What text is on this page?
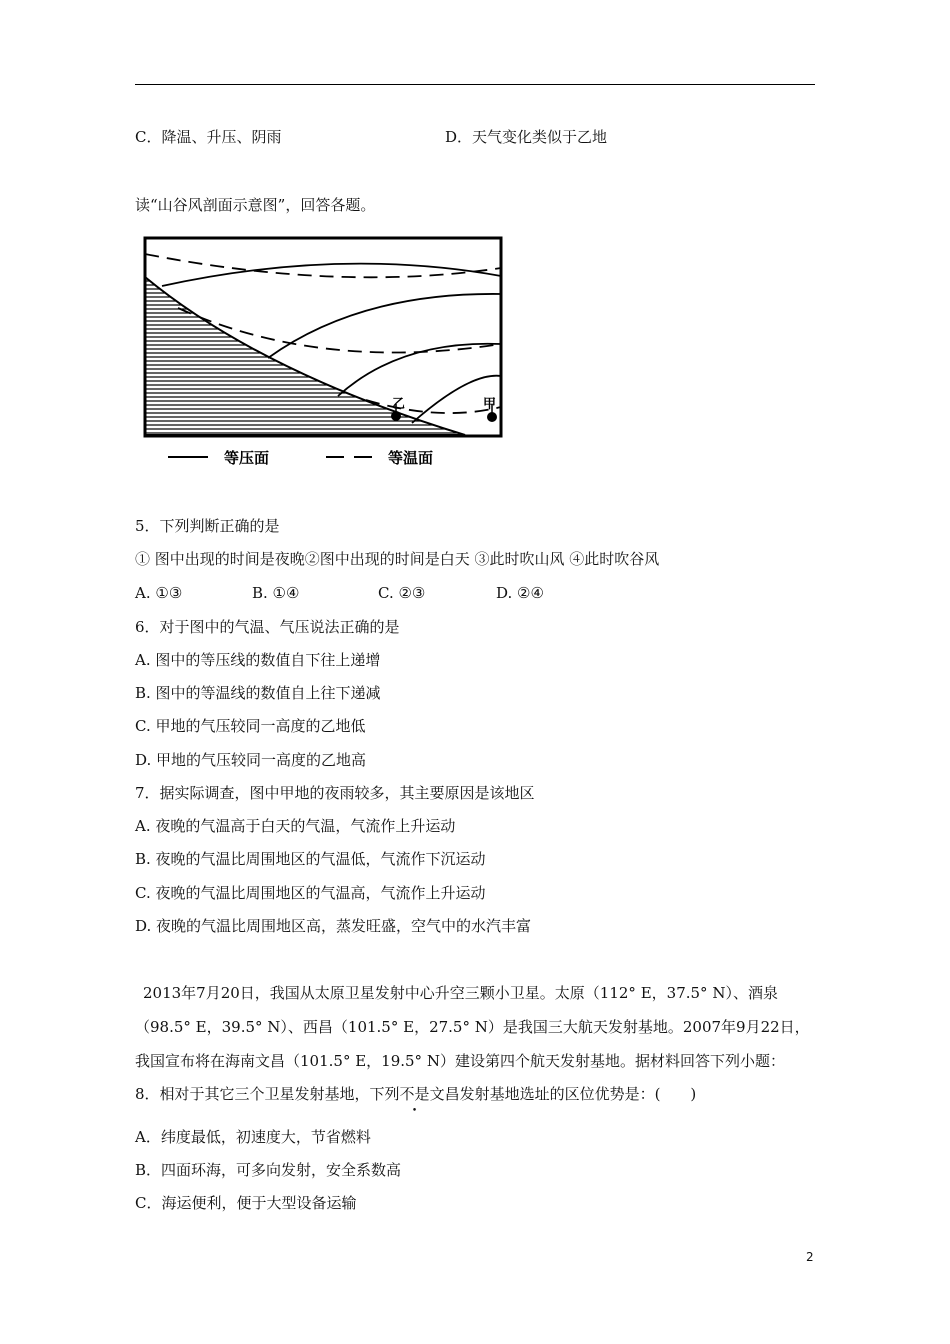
C．降温、升压、阴雨	D．天气变化类似于乙地
读“山谷风剖面示意图”，回答各题。
乙	甲
等压面	等温面
5．下列判断正确的是
① 图中出现的时间是夜晚②图中出现的时间是白天 ③此时吹山风 ④此时吹谷风
A. ①③	B. ①④	C. ②③	D. ②④
6．对于图中的气温、气压说法正确的是
A. 图中的等压线的数值自下往上递增
B. 图中的等温线的数值自上往下递减
C. 甲地的气压较同一高度的乙地低
D. 甲地的气压较同一高度的乙地高
7．据实际调查，图中甲地的夜雨较多，其主要原因是该地区
A. 夜晚的气温高于白天的气温，气流作上升运动
B. 夜晚的气温比周围地区的气温低，气流作下沉运动
C. 夜晚的气温比周围地区的气温高，气流作上升运动
D. 夜晚的气温比周围地区高，蒸发旺盛，空气中的水汽丰富
2013年7月20日，我国从太原卫星发射中心升空三颗小卫星。太原（112° E，37.5° N）、酒泉
（98.5° E，39.5° N）、西昌（101.5° E，27.5° N）是我国三大航天发射基地。2007年9月22日，
我国宣布将在海南文昌（101.5° E，19.5° N）建设第四个航天发射基地。据材料回答下列小题：
8．相对于其它三个卫星发射基地，下列不是文昌发射基地选址的区位优势是：(　　)
A．纬度最低，初速度大，节省燃料
B．四面环海，可多向发射，安全系数高
C．海运便利，便于大型设备运输
2
